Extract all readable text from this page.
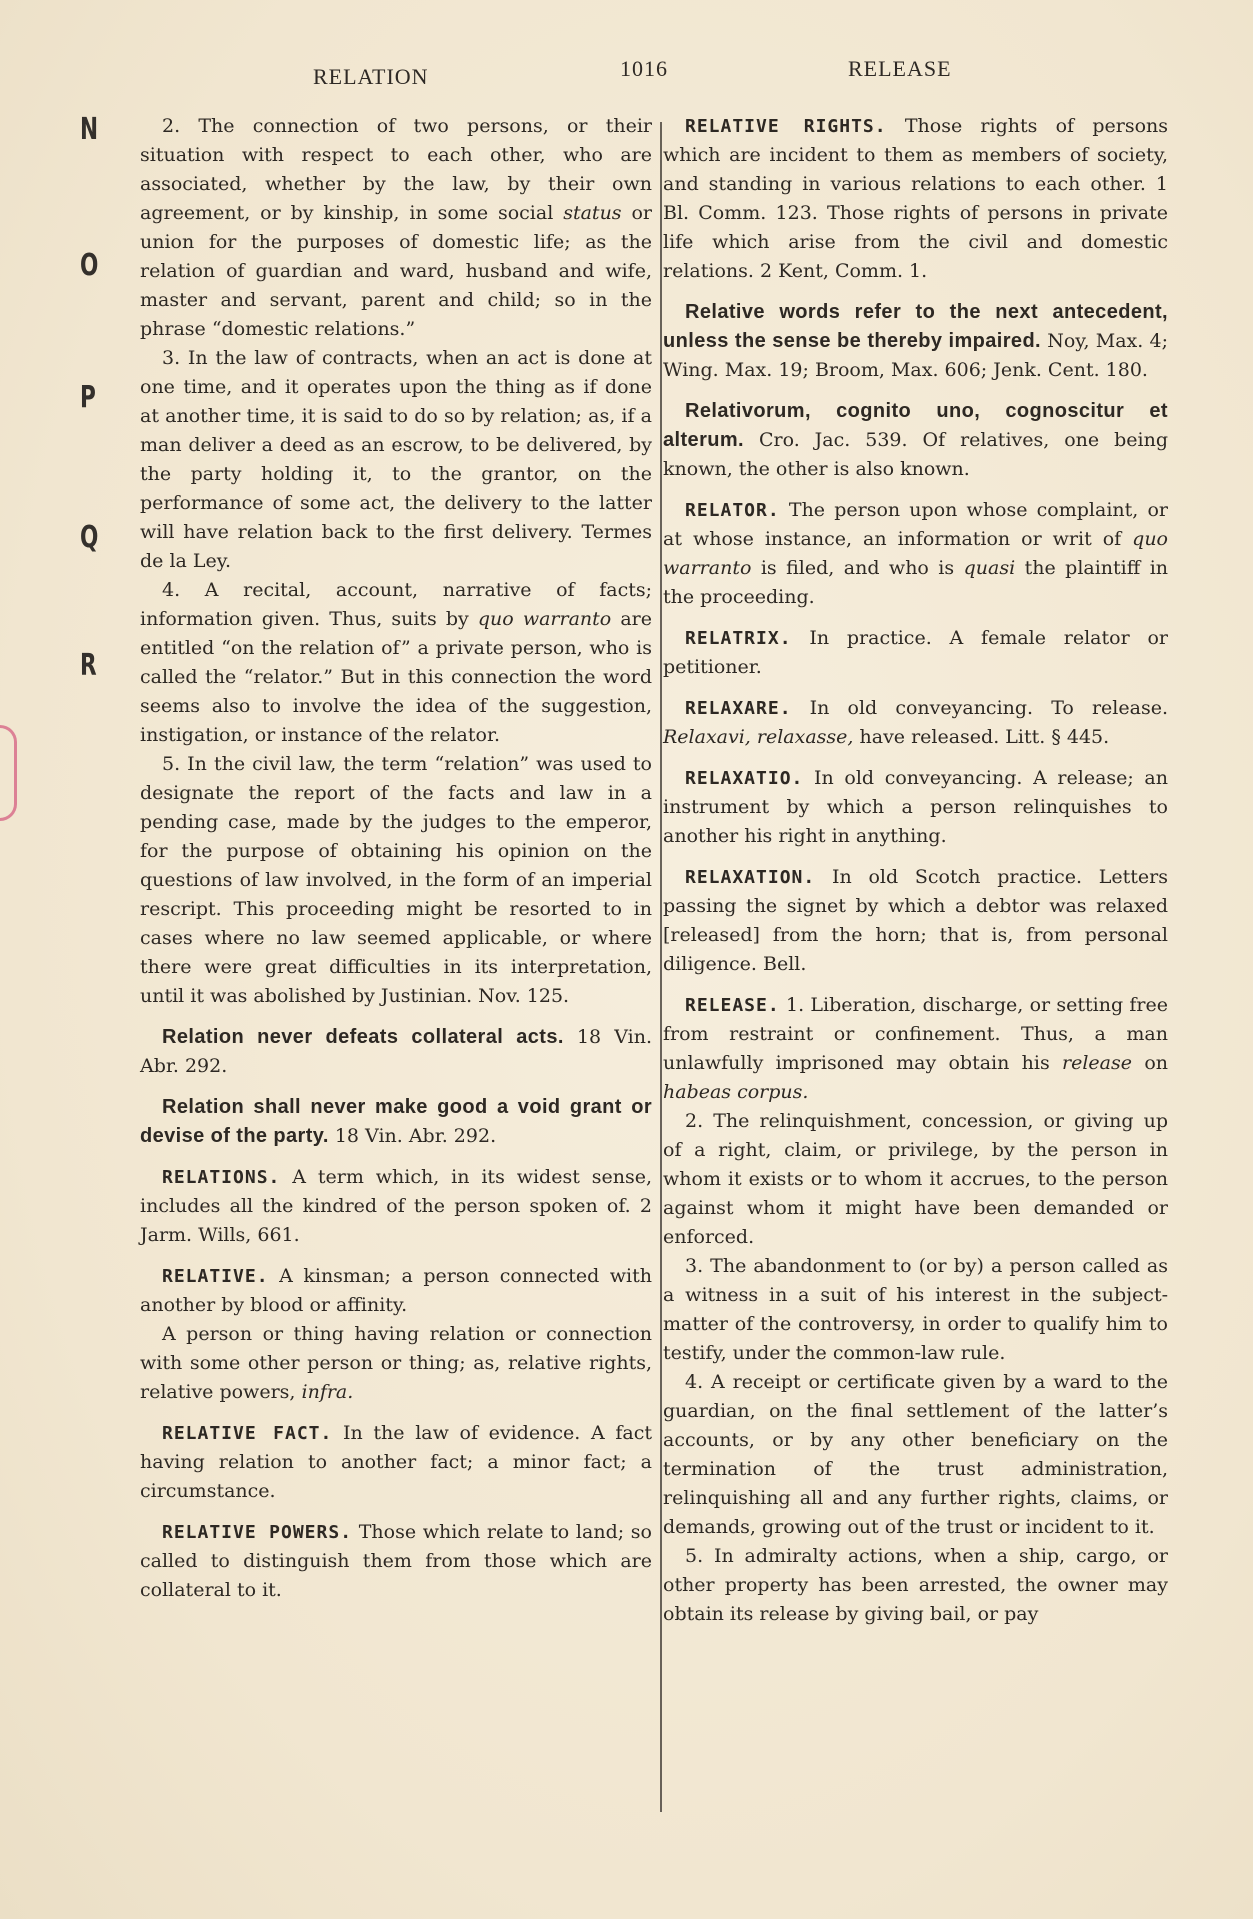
RELATION	1016	RELEASE
N
O
P
Q
R

2. The connection of two persons, or their situation with respect to each other, who are associated, whether by the law, by their own agreement, or by kinship, in some social status or union for the purposes of domestic life; as the relation of guardian and ward, husband and wife, master and servant, parent and child; so in the phrase “domestic relations.”

3. In the law of contracts, when an act is done at one time, and it operates upon the thing as if done at another time, it is said to do so by relation; as, if a man deliver a deed as an escrow, to be delivered, by the party holding it, to the grantor, on the performance of some act, the delivery to the latter will have relation back to the first delivery. Termes de la Ley.

4. A recital, account, narrative of facts; information given. Thus, suits by quo warranto are entitled “on the relation of” a private person, who is called the “relator.” But in this connection the word seems also to involve the idea of the suggestion, instigation, or instance of the relator.

5. In the civil law, the term “relation” was used to designate the report of the facts and law in a pending case, made by the judges to the emperor, for the purpose of obtaining his opinion on the questions of law involved, in the form of an imperial rescript. This proceeding might be resorted to in cases where no law seemed applicable, or where there were great difficulties in its interpretation, until it was abolished by Justinian. Nov. 125.

Relation never defeats collateral acts. 18 Vin. Abr. 292.

Relation shall never make good a void grant or devise of the party. 18 Vin. Abr. 292.

RELATIONS. A term which, in its widest sense, includes all the kindred of the person spoken of. 2 Jarm. Wills, 661.

RELATIVE. A kinsman; a person connected with another by blood or affinity.

A person or thing having relation or connection with some other person or thing; as, relative rights, relative powers, infra.

RELATIVE FACT. In the law of evidence. A fact having relation to another fact; a minor fact; a circumstance.

RELATIVE POWERS. Those which relate to land; so called to distinguish them from those which are collateral to it.

RELATIVE RIGHTS. Those rights of persons which are incident to them as members of society, and standing in various relations to each other. 1 Bl. Comm. 123. Those rights of persons in private life which arise from the civil and domestic relations. 2 Kent, Comm. 1.

Relative words refer to the next antecedent, unless the sense be thereby impaired. Noy, Max. 4; Wing. Max. 19; Broom, Max. 606; Jenk. Cent. 180.

Relativorum, cognito uno, cognoscitur et alterum. Cro. Jac. 539. Of relatives, one being known, the other is also known.

RELATOR. The person upon whose complaint, or at whose instance, an information or writ of quo warranto is filed, and who is quasi the plaintiff in the proceeding.

RELATRIX. In practice. A female relator or petitioner.

RELAXARE. In old conveyancing. To release. Relaxavi, relaxasse, have released. Litt. § 445.

RELAXATIO. In old conveyancing. A release; an instrument by which a person relinquishes to another his right in anything.

RELAXATION. In old Scotch practice. Letters passing the signet by which a debtor was relaxed [released] from the horn; that is, from personal diligence. Bell.

RELEASE. 1. Liberation, discharge, or setting free from restraint or confinement. Thus, a man unlawfully imprisoned may obtain his release on habeas corpus.

2. The relinquishment, concession, or giving up of a right, claim, or privilege, by the person in whom it exists or to whom it accrues, to the person against whom it might have been demanded or enforced.

3. The abandonment to (or by) a person called as a witness in a suit of his interest in the subject-matter of the controversy, in order to qualify him to testify, under the common-law rule.

4. A receipt or certificate given by a ward to the guardian, on the final settlement of the latter’s accounts, or by any other beneficiary on the termination of the trust administration, relinquishing all and any further rights, claims, or demands, growing out of the trust or incident to it.

5. In admiralty actions, when a ship, cargo, or other property has been arrested, the owner may obtain its release by giving bail, or pay
